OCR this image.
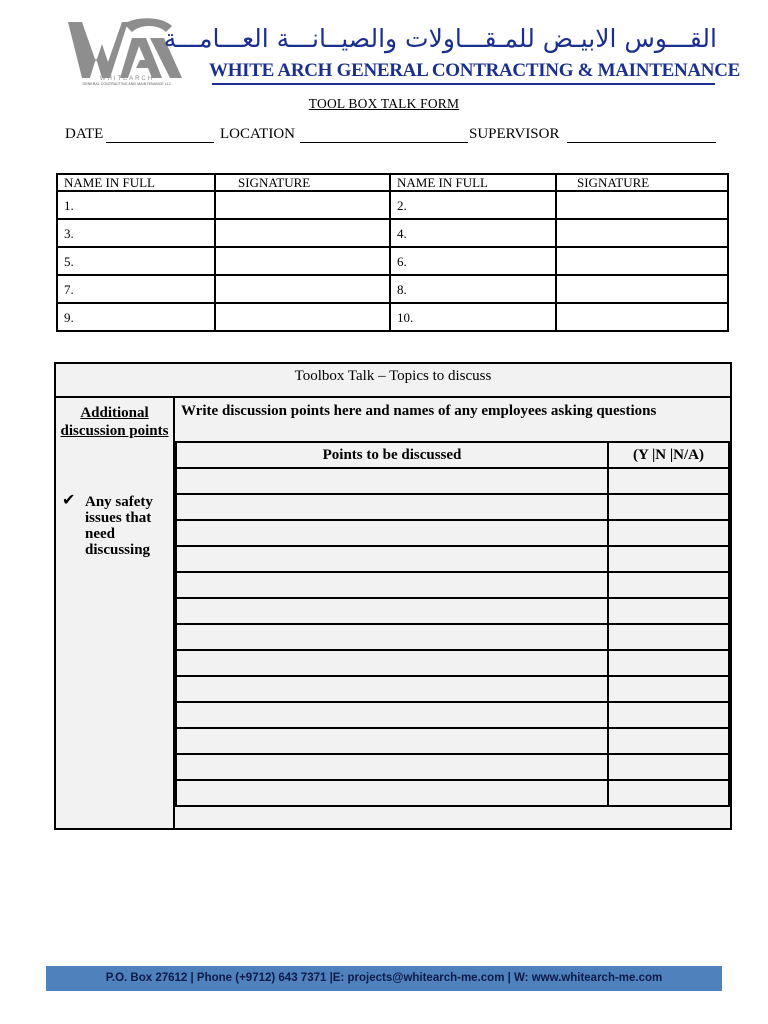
WHITEARCH
GENERAL CONTRACTING AND MAINTENANCE LLC
القـــوس الابيـض للمـقـــاولات والصيــانـــة العـــامـــة
WHITE ARCH GENERAL CONTRACTING & MAINTENANCE
TOOL BOX TALK FORM
DATE	LOCATION	SUPERVISOR
NAME IN FULL	SIGNATURE	NAME IN FULL	SIGNATURE
1.		2.	
3.		4.	
5.		6.	
7.		8.	
9.		10.	
Toolbox Talk – Topics to discuss
Additional discussion points
✔ Any safety issues that need discussing
Write discussion points here and names of any employees asking questions
Points to be discussed	(Y |N |N/A)

P.O. Box 27612 | Phone (+9712) 643 7371 |E: projects@whitearch-me.com | W: www.whitearch-me.com
